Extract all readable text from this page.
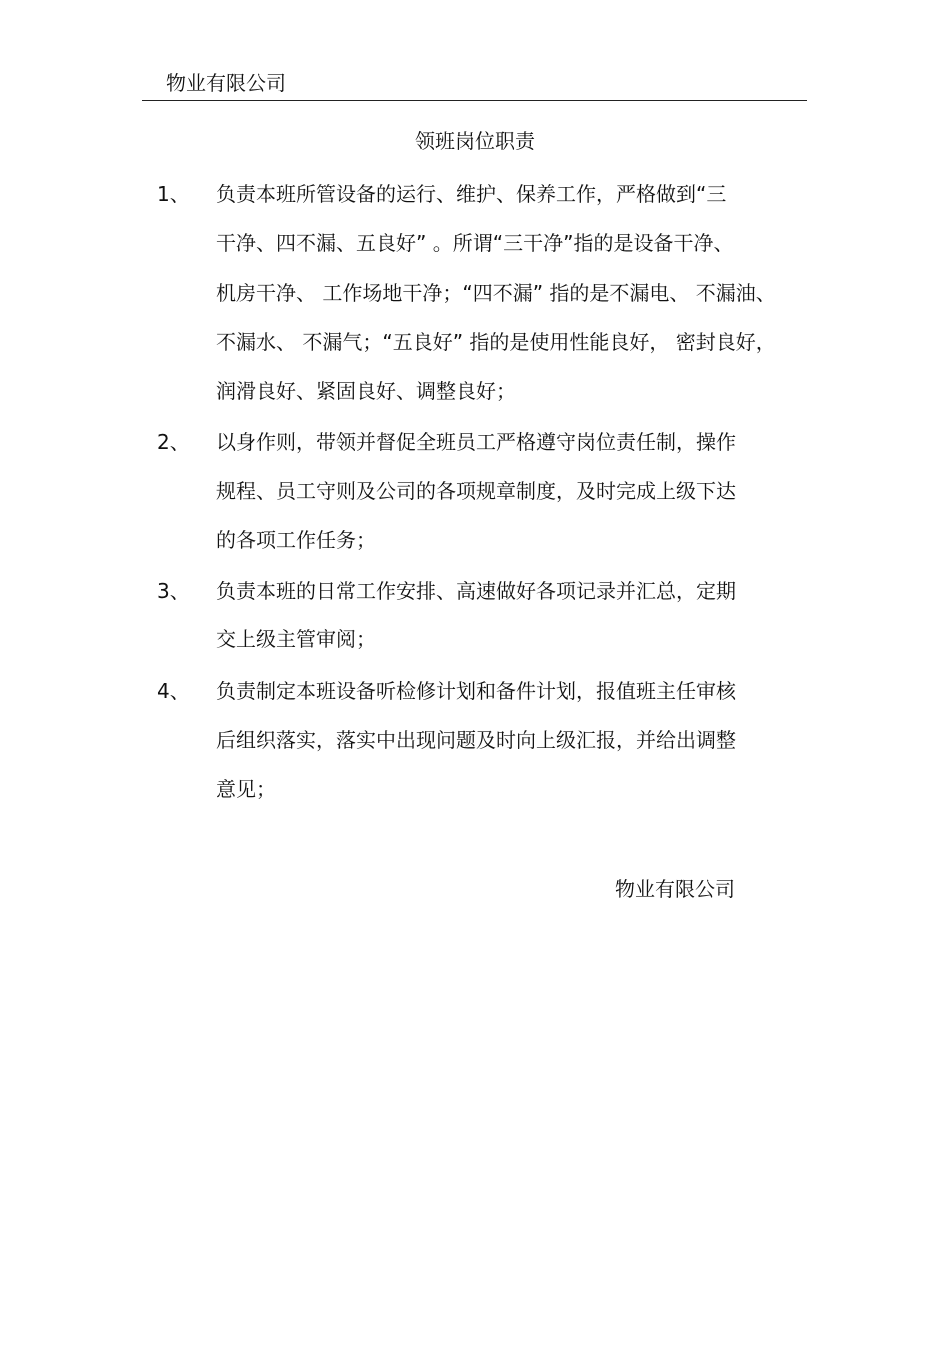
物业有限公司
领班岗位职责
1、 负责本班所管设备的运行、维护、保养工作，严格做到“三
干净、四不漏、五良好” 。所谓“三干净”指的是设备干净、
机房干净、 工作场地干净；“四不漏” 指的是不漏电、 不漏油、
不漏水、 不漏气；“五良好” 指的是使用性能良好， 密封良好，
润滑良好、紧固良好、调整良好；
2、 以身作则，带领并督促全班员工严格遵守岗位责任制，操作
规程、员工守则及公司的各项规章制度，及时完成上级下达
的各项工作任务；
3、 负责本班的日常工作安排、高速做好各项记录并汇总，定期
交上级主管审阅；
4、 负责制定本班设备听检修计划和备件计划，报值班主任审核
后组织落实，落实中出现问题及时向上级汇报，并给出调整
意见；
物业有限公司
